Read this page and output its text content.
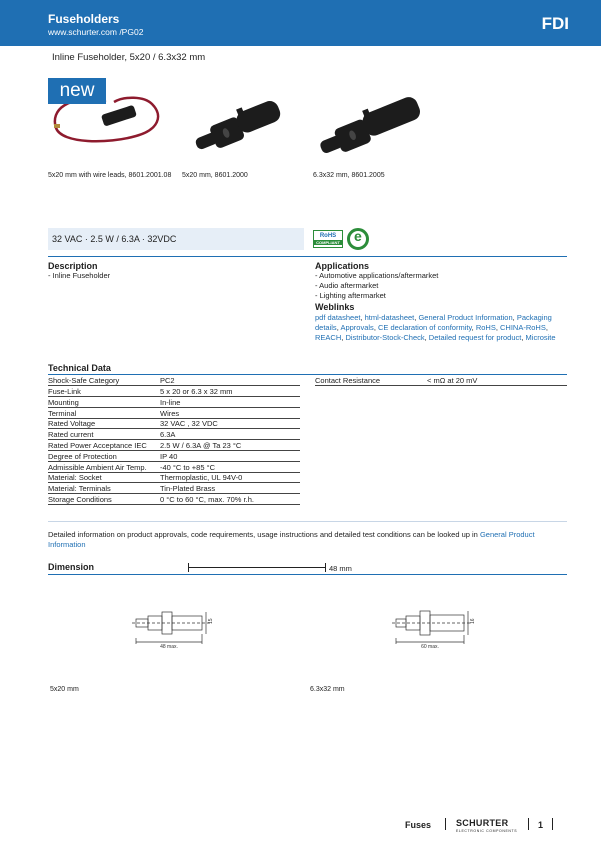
Fuseholders
www.schurter.com /PG02	FDI
Inline Fuseholder, 5x20 / 6.3x32 mm
new
5x20 mm with wire leads, 8601.2001.08 5x20 mm, 8601.2000	6.3x32 mm, 8601.2005
32 VAC · 2.5 W / 6.3A · 32VDC	RoHS
COMPLIANT
e
Description
- Inline Fuseholder
Applications
- Automotive applications/aftermarket
- Audio aftermarket
- Lighting aftermarket
Weblinks
pdf datasheet, html-datasheet, General Product Information, Packaging details, Approvals, CE declaration of conformity, RoHS, CHINA-RoHS, REACH, Distributor-Stock-Check, Detailed request for product, Microsite
Technical Data
Shock-Safe Category	PC2
Fuse-Link	5 x 20 or 6.3 x 32 mm
Mounting	In-line
Terminal	Wires
Rated Voltage	32 VAC , 32 VDC
Rated current	6.3A
Rated Power Acceptance IEC	2.5 W / 6.3A @ Ta 23 °C
Degree of Protection	IP 40
Admissible Ambient Air Temp.	-40 °C to +85 °C
Material: Socket	Thermoplastic, UL 94V-0
Material: Terminals	Tin-Plated Brass
Storage Conditions	0 °C to 60 °C, max. 70% r.h.
Contact Resistance	< mΩ at 20 mV
Detailed information on product approvals, code requirements, usage instructions and detailed test conditions can be looked up in General Product Information
Dimension	48 mm
48 max.
15
60 max.
16
5x20 mm	6.3x32 mm
Fuses	SCHURTER
ELECTRONIC COMPONENTS
1
